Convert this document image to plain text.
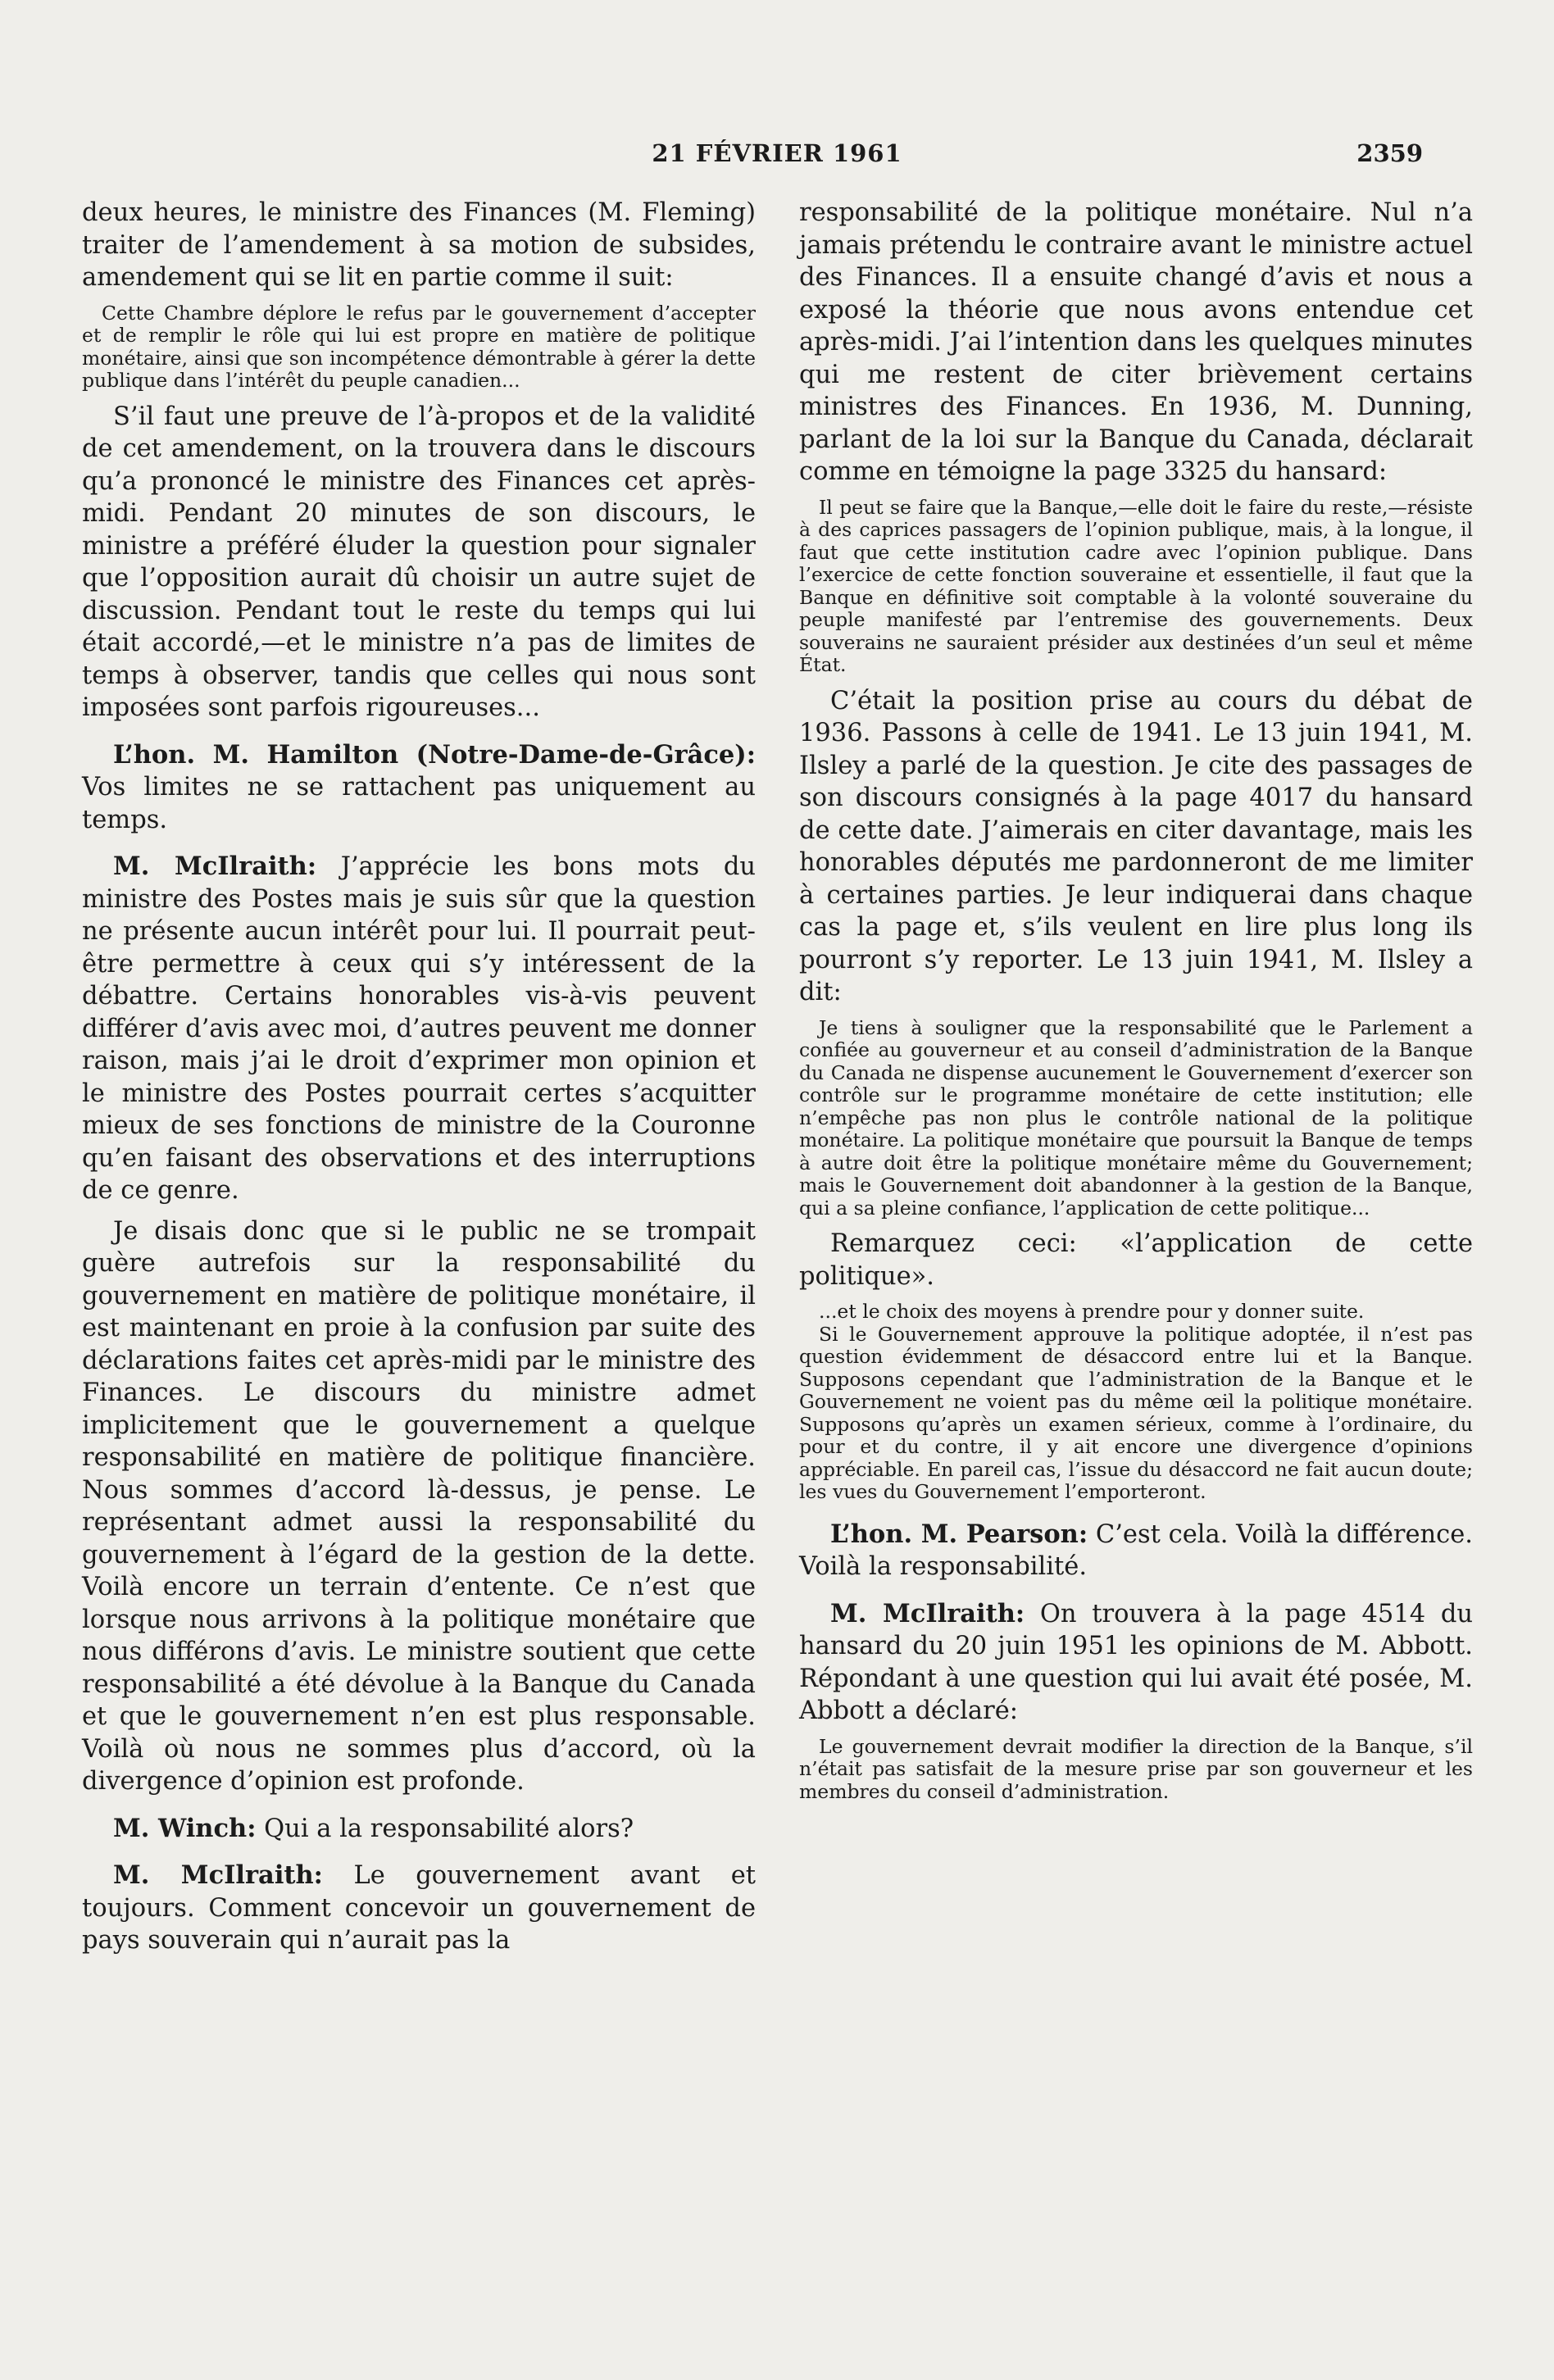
21 FÉVRIER 1961	2359

deux heures, le ministre des Finances (M. Fleming) traiter de l’amendement à sa motion de subsides, amendement qui se lit en partie comme il suit:

Cette Chambre déplore le refus par le gouvernement d’accepter et de remplir le rôle qui lui est propre en matière de politique monétaire, ainsi que son incompétence démontrable à gérer la dette publique dans l’intérêt du peuple canadien...

S’il faut une preuve de l’à-propos et de la validité de cet amendement, on la trouvera dans le discours qu’a prononcé le ministre des Finances cet après-midi. Pendant 20 minutes de son discours, le ministre a préféré éluder la question pour signaler que l’opposition aurait dû choisir un autre sujet de discussion. Pendant tout le reste du temps qui lui était accordé,—et le ministre n’a pas de limites de temps à observer, tandis que celles qui nous sont imposées sont parfois rigoureuses...

L’hon. M. Hamilton (Notre-Dame-de-Grâce): Vos limites ne se rattachent pas uniquement au temps.

M. McIlraith: J’apprécie les bons mots du ministre des Postes mais je suis sûr que la question ne présente aucun intérêt pour lui. Il pourrait peut-être permettre à ceux qui s’y intéressent de la débattre. Certains honorables vis-à-vis peuvent différer d’avis avec moi, d’autres peuvent me donner raison, mais j’ai le droit d’exprimer mon opinion et le ministre des Postes pourrait certes s’acquitter mieux de ses fonctions de ministre de la Couronne qu’en faisant des observations et des interruptions de ce genre.

Je disais donc que si le public ne se trompait guère autrefois sur la responsabilité du gouvernement en matière de politique monétaire, il est maintenant en proie à la confusion par suite des déclarations faites cet après-midi par le ministre des Finances. Le discours du ministre admet implicitement que le gouvernement a quelque responsabilité en matière de politique financière. Nous sommes d’accord là-dessus, je pense. Le représentant admet aussi la responsabilité du gouvernement à l’égard de la gestion de la dette. Voilà encore un terrain d’entente. Ce n’est que lorsque nous arrivons à la politique monétaire que nous différons d’avis. Le ministre soutient que cette responsabilité a été dévolue à la Banque du Canada et que le gouvernement n’en est plus responsable. Voilà où nous ne sommes plus d’accord, où la divergence d’opinion est profonde.

M. Winch: Qui a la responsabilité alors?

M. McIlraith: Le gouvernement avant et toujours. Comment concevoir un gouvernement de pays souverain qui n’aurait pas la

responsabilité de la politique monétaire. Nul n’a jamais prétendu le contraire avant le ministre actuel des Finances. Il a ensuite changé d’avis et nous a exposé la théorie que nous avons entendue cet après-midi. J’ai l’intention dans les quelques minutes qui me restent de citer brièvement certains ministres des Finances. En 1936, M. Dunning, parlant de la loi sur la Banque du Canada, déclarait comme en témoigne la page 3325 du hansard:

Il peut se faire que la Banque,—elle doit le faire du reste,—résiste à des caprices passagers de l’opinion publique, mais, à la longue, il faut que cette institution cadre avec l’opinion publique. Dans l’exercice de cette fonction souveraine et essentielle, il faut que la Banque en définitive soit comptable à la volonté souveraine du peuple manifesté par l’entremise des gouvernements. Deux souverains ne sauraient présider aux destinées d’un seul et même État.

C’était la position prise au cours du débat de 1936. Passons à celle de 1941. Le 13 juin 1941, M. Ilsley a parlé de la question. Je cite des passages de son discours consignés à la page 4017 du hansard de cette date. J’aimerais en citer davantage, mais les honorables députés me pardonneront de me limiter à certaines parties. Je leur indiquerai dans chaque cas la page et, s’ils veulent en lire plus long ils pourront s’y reporter. Le 13 juin 1941, M. Ilsley a dit:

Je tiens à souligner que la responsabilité que le Parlement a confiée au gouverneur et au conseil d’administration de la Banque du Canada ne dispense aucunement le Gouvernement d’exercer son contrôle sur le programme monétaire de cette institution; elle n’empêche pas non plus le contrôle national de la politique monétaire. La politique monétaire que poursuit la Banque de temps à autre doit être la politique monétaire même du Gouvernement; mais le Gouvernement doit abandonner à la gestion de la Banque, qui a sa pleine confiance, l’application de cette politique...

Remarquez ceci: «l’application de cette politique».

...et le choix des moyens à prendre pour y donner suite.

Si le Gouvernement approuve la politique adoptée, il n’est pas question évidemment de désaccord entre lui et la Banque. Supposons cependant que l’administration de la Banque et le Gouvernement ne voient pas du même œil la politique monétaire. Supposons qu’après un examen sérieux, comme à l’ordinaire, du pour et du contre, il y ait encore une divergence d’opinions appréciable. En pareil cas, l’issue du désaccord ne fait aucun doute; les vues du Gouvernement l’emporteront.

L’hon. M. Pearson: C’est cela. Voilà la différence. Voilà la responsabilité.

M. McIlraith: On trouvera à la page 4514 du hansard du 20 juin 1951 les opinions de M. Abbott. Répondant à une question qui lui avait été posée, M. Abbott a déclaré:

Le gouvernement devrait modifier la direction de la Banque, s’il n’était pas satisfait de la mesure prise par son gouverneur et les membres du conseil d’administration.
